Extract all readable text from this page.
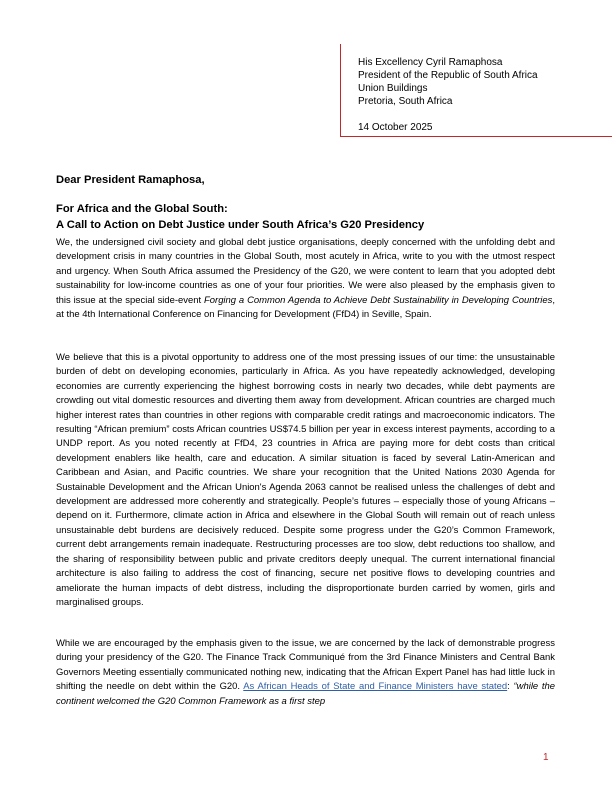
His Excellency Cyril Ramaphosa
President of the Republic of South Africa
Union Buildings
Pretoria, South Africa
14 October 2025
Dear President Ramaphosa,
For Africa and the Global South:
A Call to Action on Debt Justice under South Africa’s G20 Presidency

We, the undersigned civil society and global debt justice organisations, deeply concerned with the unfolding debt and development crisis in many countries in the Global South, most acutely in Africa, write to you with the utmost respect and urgency. When South Africa assumed the Presidency of the G20, we were content to learn that you adopted debt sustainability for low-income countries as one of your four priorities. We were also pleased by the emphasis given to this issue at the special side-event Forging a Common Agenda to Achieve Debt Sustainability in Developing Countries, at the 4th International Conference on Financing for Development (FfD4) in Seville, Spain.

We believe that this is a pivotal opportunity to address one of the most pressing issues of our time: the unsustainable burden of debt on developing economies, particularly in Africa. As you have repeatedly acknowledged, developing economies are currently experiencing the highest borrowing costs in nearly two decades, while debt payments are crowding out vital domestic resources and diverting them away from development. African countries are charged much higher interest rates than countries in other regions with comparable credit ratings and macroeconomic indicators. The resulting “African premium” costs African countries US$74.5 billion per year in excess interest payments, according to a UNDP report. As you noted recently at FfD4, 23 countries in Africa are paying more for debt costs than critical development enablers like health, care and education. A similar situation is faced by several Latin-American and Caribbean and Asian, and Pacific countries. We share your recognition that the United Nations 2030 Agenda for Sustainable Development and the African Union's Agenda 2063 cannot be realised unless the challenges of debt and development are addressed more coherently and strategically. People’s futures – especially those of young Africans – depend on it. Furthermore, climate action in Africa and elsewhere in the Global South will remain out of reach unless unsustainable debt burdens are decisively reduced. Despite some progress under the G20’s Common Framework, current debt arrangements remain inadequate. Restructuring processes are too slow, debt reductions too shallow, and the sharing of responsibility between public and private creditors deeply unequal. The current international financial architecture is also failing to address the cost of financing, secure net positive flows to developing countries and ameliorate the human impacts of debt distress, including the disproportionate burden carried by women, girls and marginalised groups.

While we are encouraged by the emphasis given to the issue, we are concerned by the lack of demonstrable progress during your presidency of the G20. The Finance Track Communiqué from the 3rd Finance Ministers and Central Bank Governors Meeting essentially communicated nothing new, indicating that the African Expert Panel has had little luck in shifting the needle on debt within the G20. As African Heads of State and Finance Ministers have stated: “while the continent welcomed the G20 Common Framework as a first step

1
